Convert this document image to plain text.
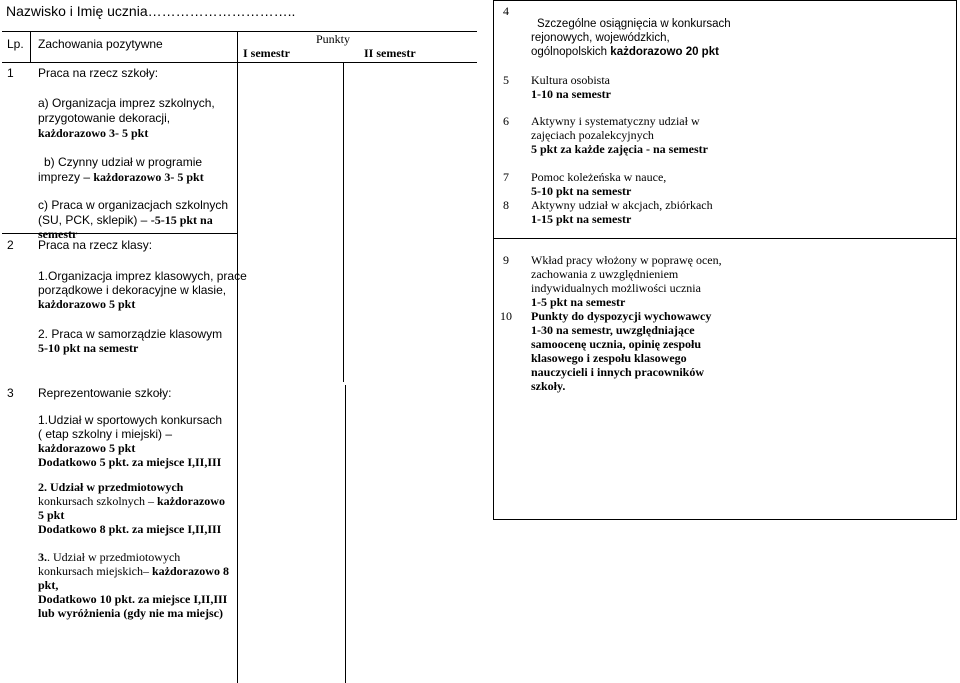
Nazwisko i Imię ucznia…………………………..
Lp. Zachowania pozytywne	Punkty
I semestr	II semestr
1 Praca na rzecz szkoły:
a) Organizacja imprez szkolnych,
przygotowanie dekoracji,
każdorazowo 3- 5 pkt
b) Czynny udział w programie
imprezy – każdorazowo 3- 5 pkt
c) Praca w organizacjach szkolnych
(SU, PCK, sklepik) – -5-15 pkt na
semestr
2 Praca na rzecz klasy:
1.Organizacja imprez klasowych, prace
porządkowe i dekoracyjne w klasie,
każdorazowo 5 pkt
2. Praca w samorządzie klasowym
5-10 pkt na semestr
3 Reprezentowanie szkoły:
1.Udział w sportowych konkursach
( etap szkolny i miejski) –
każdorazowo 5 pkt
Dodatkowo 5 pkt. za miejsce I,II,III
2. Udział w przedmiotowych
konkursach szkolnych – każdorazowo
5 pkt
Dodatkowo 8 pkt. za miejsce I,II,III
3.. Udział w przedmiotowych
konkursach miejskich– każdorazowo 8
pkt,
Dodatkowo 10 pkt. za miejsce I,II,III
lub wyróżnienia (gdy nie ma miejsc)
4
Szczególne osiągnięcia w konkursach
rejonowych, wojewódzkich,
ogólnopolskich każdorazowo 20 pkt
5 Kultura osobista
1-10 na semestr
6 Aktywny i systematyczny udział w
zajęciach pozalekcyjnych
5 pkt za każde zajęcia - na semestr
7 Pomoc koleżeńska w nauce,
5-10 pkt na semestr
8 Aktywny udział w akcjach, zbiórkach
1-15 pkt na semestr
9 Wkład pracy włożony w poprawę ocen,
zachowania z uwzględnieniem
indywidualnych możliwości ucznia
1-5 pkt na semestr
10 Punkty do dyspozycji wychowawcy
1-30 na semestr, uwzględniające
samoocenę ucznia, opinię zespołu
klasowego i zespołu klasowego
nauczycieli i innych pracowników
szkoły.
